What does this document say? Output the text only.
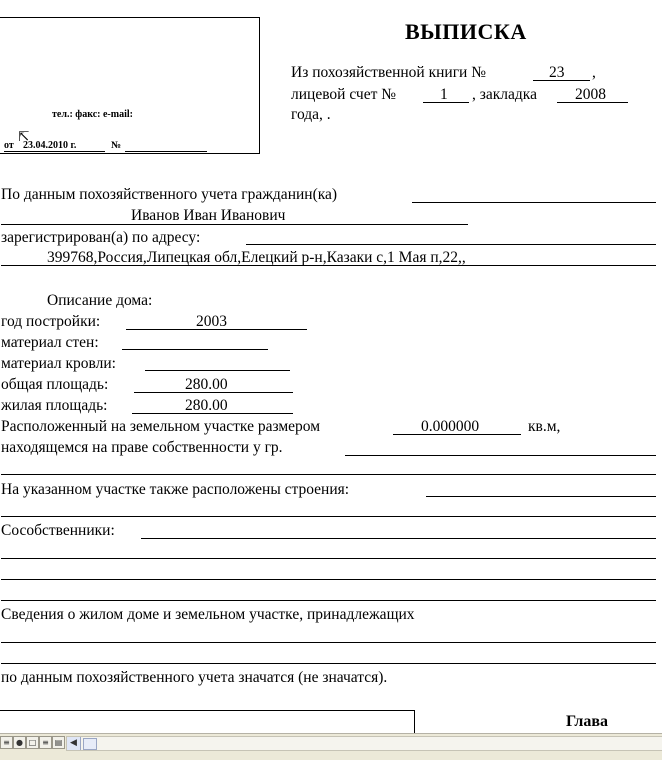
тел.: факс: e-mail:
от
⇱
23.04.2010 г.	№
ВЫПИСКА
Из похозяйственной книги №	23 ,
лицевой счет №	1 , закладка 2008
года, .
По данным похозяйственного учета гражданин(ка)
Иванов Иван Иванович
зарегистрирован(а) по адресу:
399768,Россия,Липецкая обл,Елецкий р-н,Казаки с,1 Мая п,22,,
Описание дома:
год постройки:	2003
материал стен:
материал кровли:
общая площадь:	280.00
жилая площадь:	280.00
Расположенный на земельном участке размером	0.000000	кв.м,
находящемся на праве собственности у гр.
На указанном участке также расположены строения:
Сособственники:
Сведения о жилом доме и земельном участке, принадлежащих
по данным похозяйственного учета значатся (не значатся).
Глава
≡ ● □ ≡ ▤ ◀
